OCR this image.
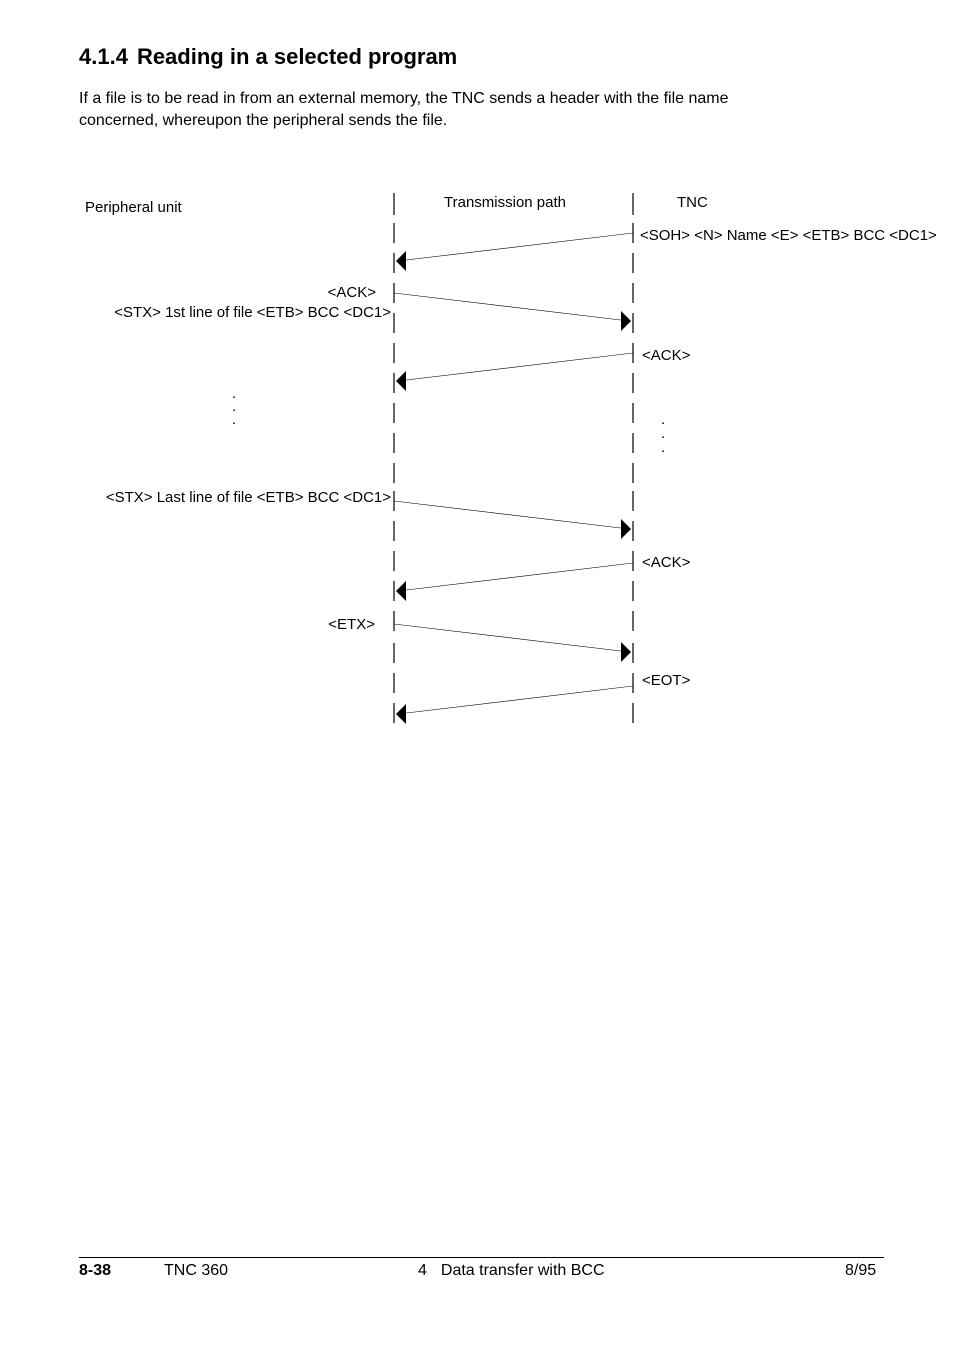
4.1.4 Reading in a selected program

If a file is to be read in from an external memory, the TNC sends a header with the file name
concerned, whereupon the peripheral sends the file.

Peripheral unit	Transmission path	TNC
<SOH> <N> Name <E> <ETB> BCC <DC1>
<ACK>
<STX> 1st line of file <ETB> BCC <DC1>
<ACK>
<STX> Last line of file <ETB> BCC <DC1>
<ACK>
<ETX>
<EOT>
.
.
.	.
.
.
8-38	TNC 360	4 Data transfer with BCC	8/95
